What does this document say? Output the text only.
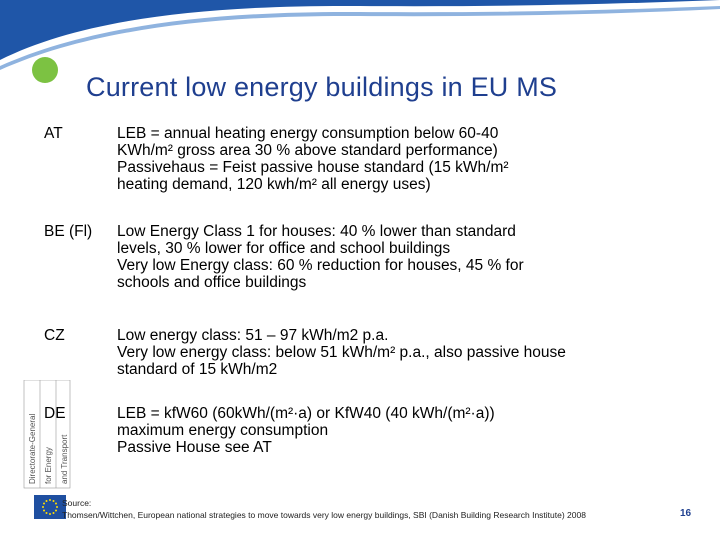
Current low energy buildings in EU MS
AT	LEB = annual heating energy consumption below 60-40
KWh/m² gross area 30 % above standard performance)
Passivehaus = Feist passive house standard (15 kWh/m²
heating demand, 120 kwh/m² all energy uses)
BE (Fl) Low Energy Class 1 for houses: 40 % lower than standard
levels, 30 % lower for office and school buildings
Very low Energy class: 60 % reduction for houses, 45 % for
schools and office buildings
CZ	Low energy class: 51 – 97 kWh/m2 p.a.
Very low energy class: below 51 kWh/m² p.a., also passive house
standard of 15 kWh/m2
DE	LEB = kfW60 (60kWh/(m²·a) or KfW40 (40 kWh/(m²·a))
maximum energy consumption
Passive House see AT
Directorate-General for Energy and Transport
Source:
Thomsen/Wittchen, European national strategies to move towards very low energy buildings, SBI (Danish Building Research Institute) 2008	16
